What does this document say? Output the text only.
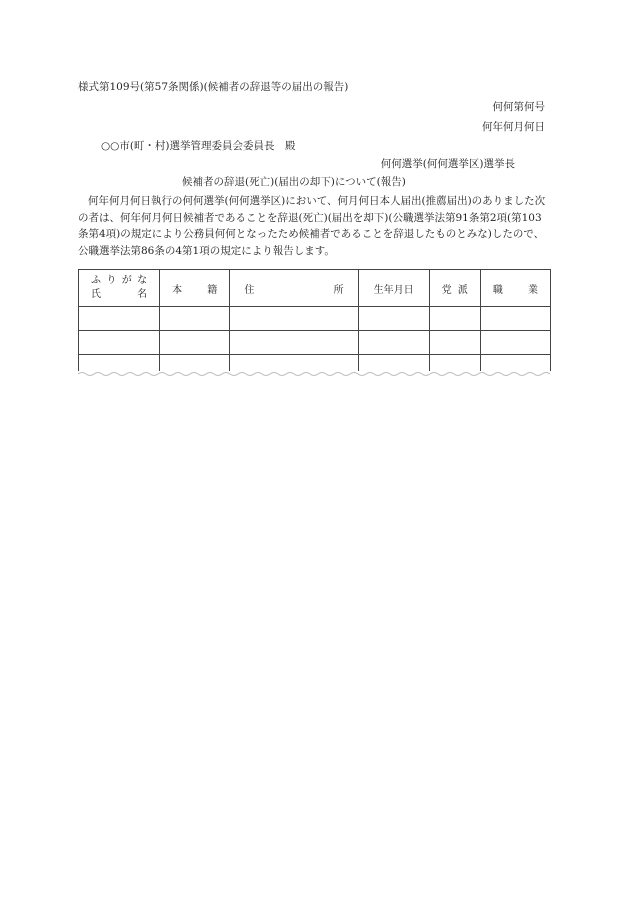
様式第109号(第57条関係)(候補者の辞退等の届出の報告)
何何第何号
何年何月何日
○○市(町・村)選挙管理委員会委員長　殿
何何選挙(何何選挙区)選挙長
候補者の辞退(死亡)(届出の却下)について(報告)
何年何月何日執行の何何選挙(何何選挙区)において、何月何日本人届出(推薦届出)のありました次の者は、何年何月何日候補者であることを辞退(死亡)(届出を却下)(公職選挙法第91条第2項(第103条第4項)の規定により公務員何何となったため候補者であることを辞退したものとみな)したので、公職選挙法第86条の4第1項の規定により報告します。
ふりがな
氏名	本籍	住所	生年月日	党派	職業
